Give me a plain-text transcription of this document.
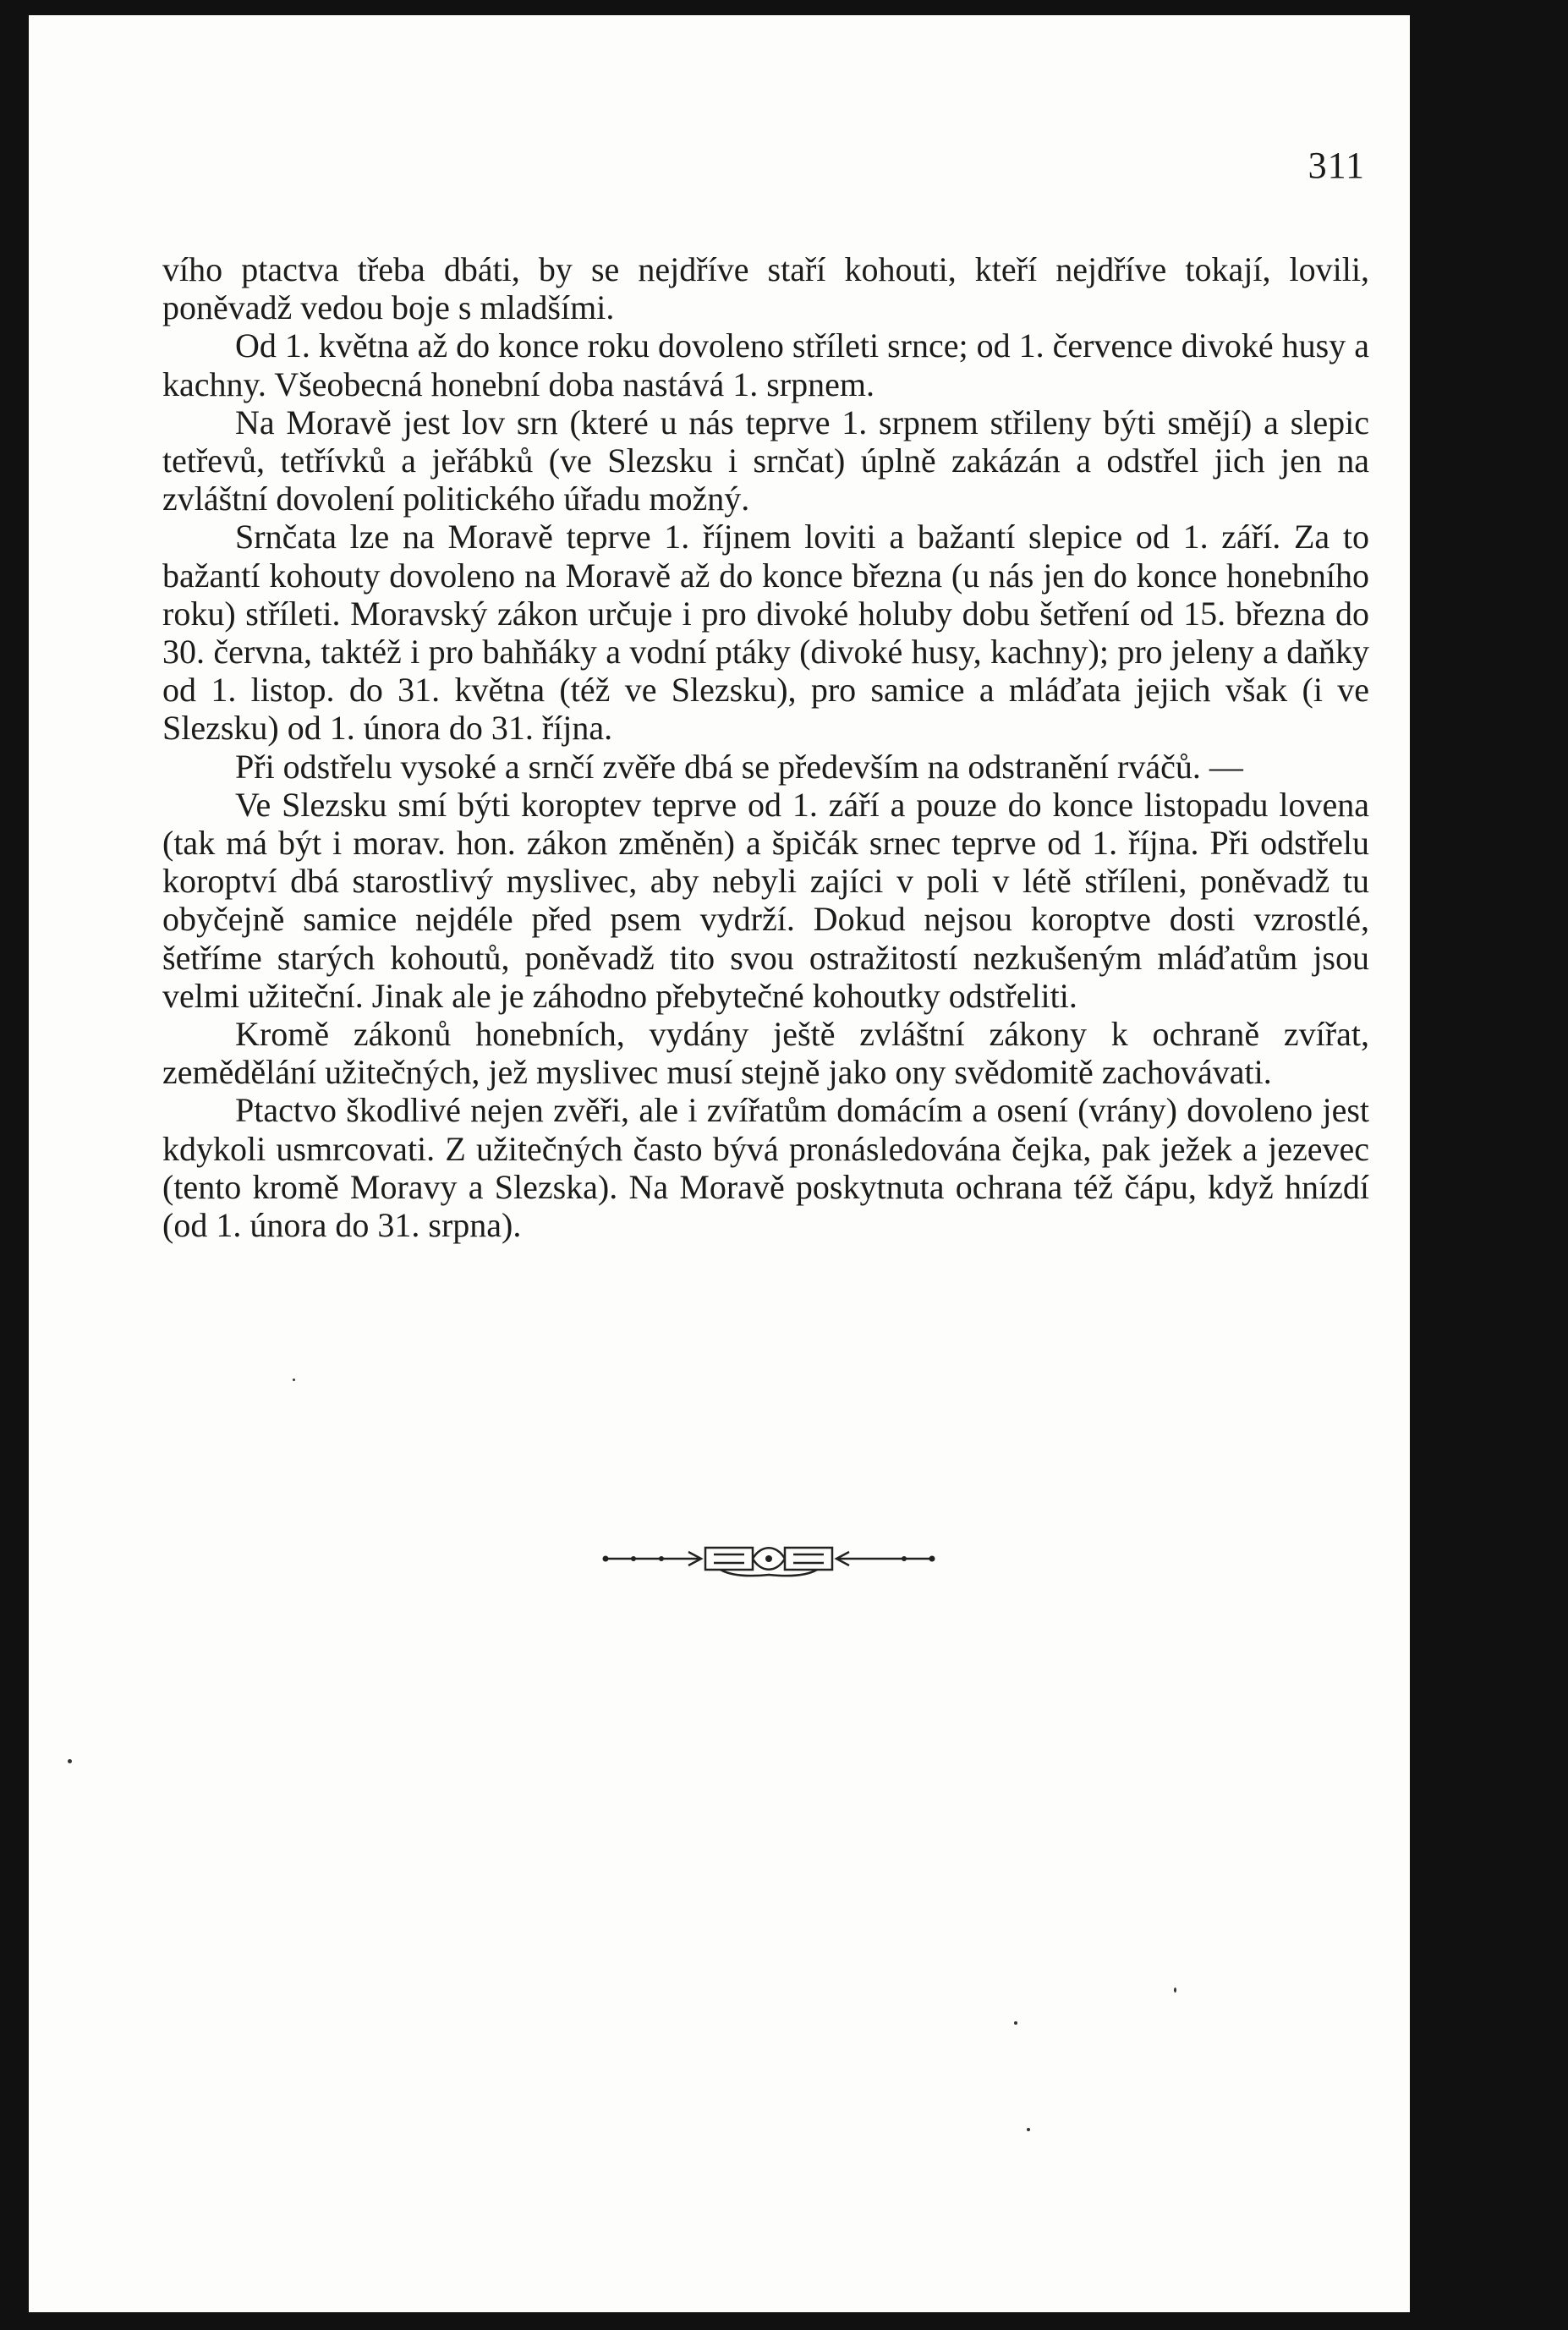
311

vího ptactva třeba dbáti, by se nejdříve staří kohouti, kteří nejdříve tokají, lovili, poněvadž vedou boje s mladšími.

Od 1. května až do konce roku dovoleno stříleti srnce; od 1. července divoké husy a kachny. Všeobecná honební doba nastává 1. srpnem.

Na Moravě jest lov srn (které u nás teprve 1. srpnem střileny býti smějí) a slepic tetřevů, tetřívků a jeřábků (ve Slezsku i srnčat) úplně zakázán a odstřel jich jen na zvláštní dovolení politického úřadu možný.

Srnčata lze na Moravě teprve 1. říjnem loviti a bažantí slepice od 1. září. Za to bažantí kohouty dovoleno na Moravě až do konce března (u nás jen do konce honebního roku) stříleti. Moravský zákon určuje i pro divoké holuby dobu šetření od 15. března do 30. června, taktéž i pro bahňáky a vodní ptáky (divoké husy, kachny); pro jeleny a daňky od 1. listop. do 31. května (též ve Slezsku), pro samice a mláďata jejich však (i ve Slezsku) od 1. února do 31. října.

Při odstřelu vysoké a srnčí zvěře dbá se především na odstranění rváčů. —

Ve Slezsku smí býti koroptev teprve od 1. září a pouze do konce listopadu lovena (tak má být i morav. hon. zákon změněn) a špičák srnec teprve od 1. října. Při odstřelu koroptví dbá starostlivý myslivec, aby nebyli zajíci v poli v létě stříleni, poněvadž tu obyčejně samice nejdéle před psem vydrží. Dokud nejsou koroptve dosti vzrostlé, šetříme starých kohoutů, poněvadž tito svou ostražitostí nezkušeným mláďatům jsou velmi užiteční. Jinak ale je záhodno přebytečné kohoutky odstřeliti.

Kromě zákonů honebních, vydány ještě zvláštní zákony k ochraně zvířat, zemědělání užitečných, jež myslivec musí stejně jako ony svědomitě zachovávati.

Ptactvo škodlivé nejen zvěři, ale i zvířatům domácím a osení (vrány) dovoleno jest kdykoli usmrcovati. Z užitečných často bývá pronásledována čejka, pak ježek a jezevec (tento kromě Moravy a Slezska). Na Moravě poskytnuta ochrana též čápu, když hnízdí (od 1. února do 31. srpna).
